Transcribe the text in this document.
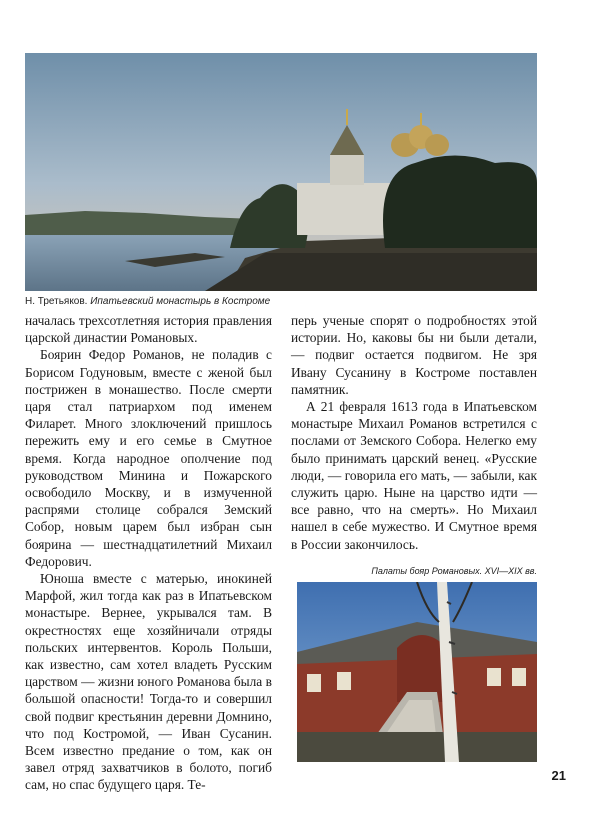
Н. Третьяков. Ипатьевский монастырь в Костроме

началась трехсотлетняя история правления царской династии Романовых.

Боярин Федор Романов, не поладив с Борисом Годуновым, вместе с женой был пострижен в монашество. После смерти царя стал патриархом под именем Филарет. Много злоключений пришлось пережить ему и его семье в Смутное время. Когда народное ополчение под руководством Минина и Пожарского освободило Москву, и в измученной распрями столице собрался Земский Собор, новым царем был избран сын боярина — шестнадцатилетний Михаил Федорович.

Юноша вместе с матерью, инокиней Марфой, жил тогда как раз в Ипатьевском монастыре. Вернее, укрывался там. В окрестностях еще хозяйничали отряды польских интервентов. Король Польши, как известно, сам хотел владеть Русским царством — жизни юного Романова была в большой опасности! Тогда-то и совершил свой подвиг крестьянин деревни Домнино, что под Костромой, — Иван Сусанин. Всем известно предание о том, как он завел отряд захватчиков в болото, погиб сам, но спас будущего царя. Те-

перь ученые спорят о подробностях этой истории. Но, каковы бы ни были детали, — подвиг остается подвигом. Не зря Ивану Сусанину в Костроме поставлен памятник.

А 21 февраля 1613 года в Ипатьевском монастыре Михаил Романов встретился с послами от Земского Собора. Нелегко ему было принимать царский венец. «Русские люди, — говорила его мать, — забыли, как служить царю. Ныне на царство идти — все равно, что на смерть». Но Михаил нашел в себе мужество. И Смутное время в России закончилось.

Палаты бояр Романовых. XVI—XIX вв.
21
